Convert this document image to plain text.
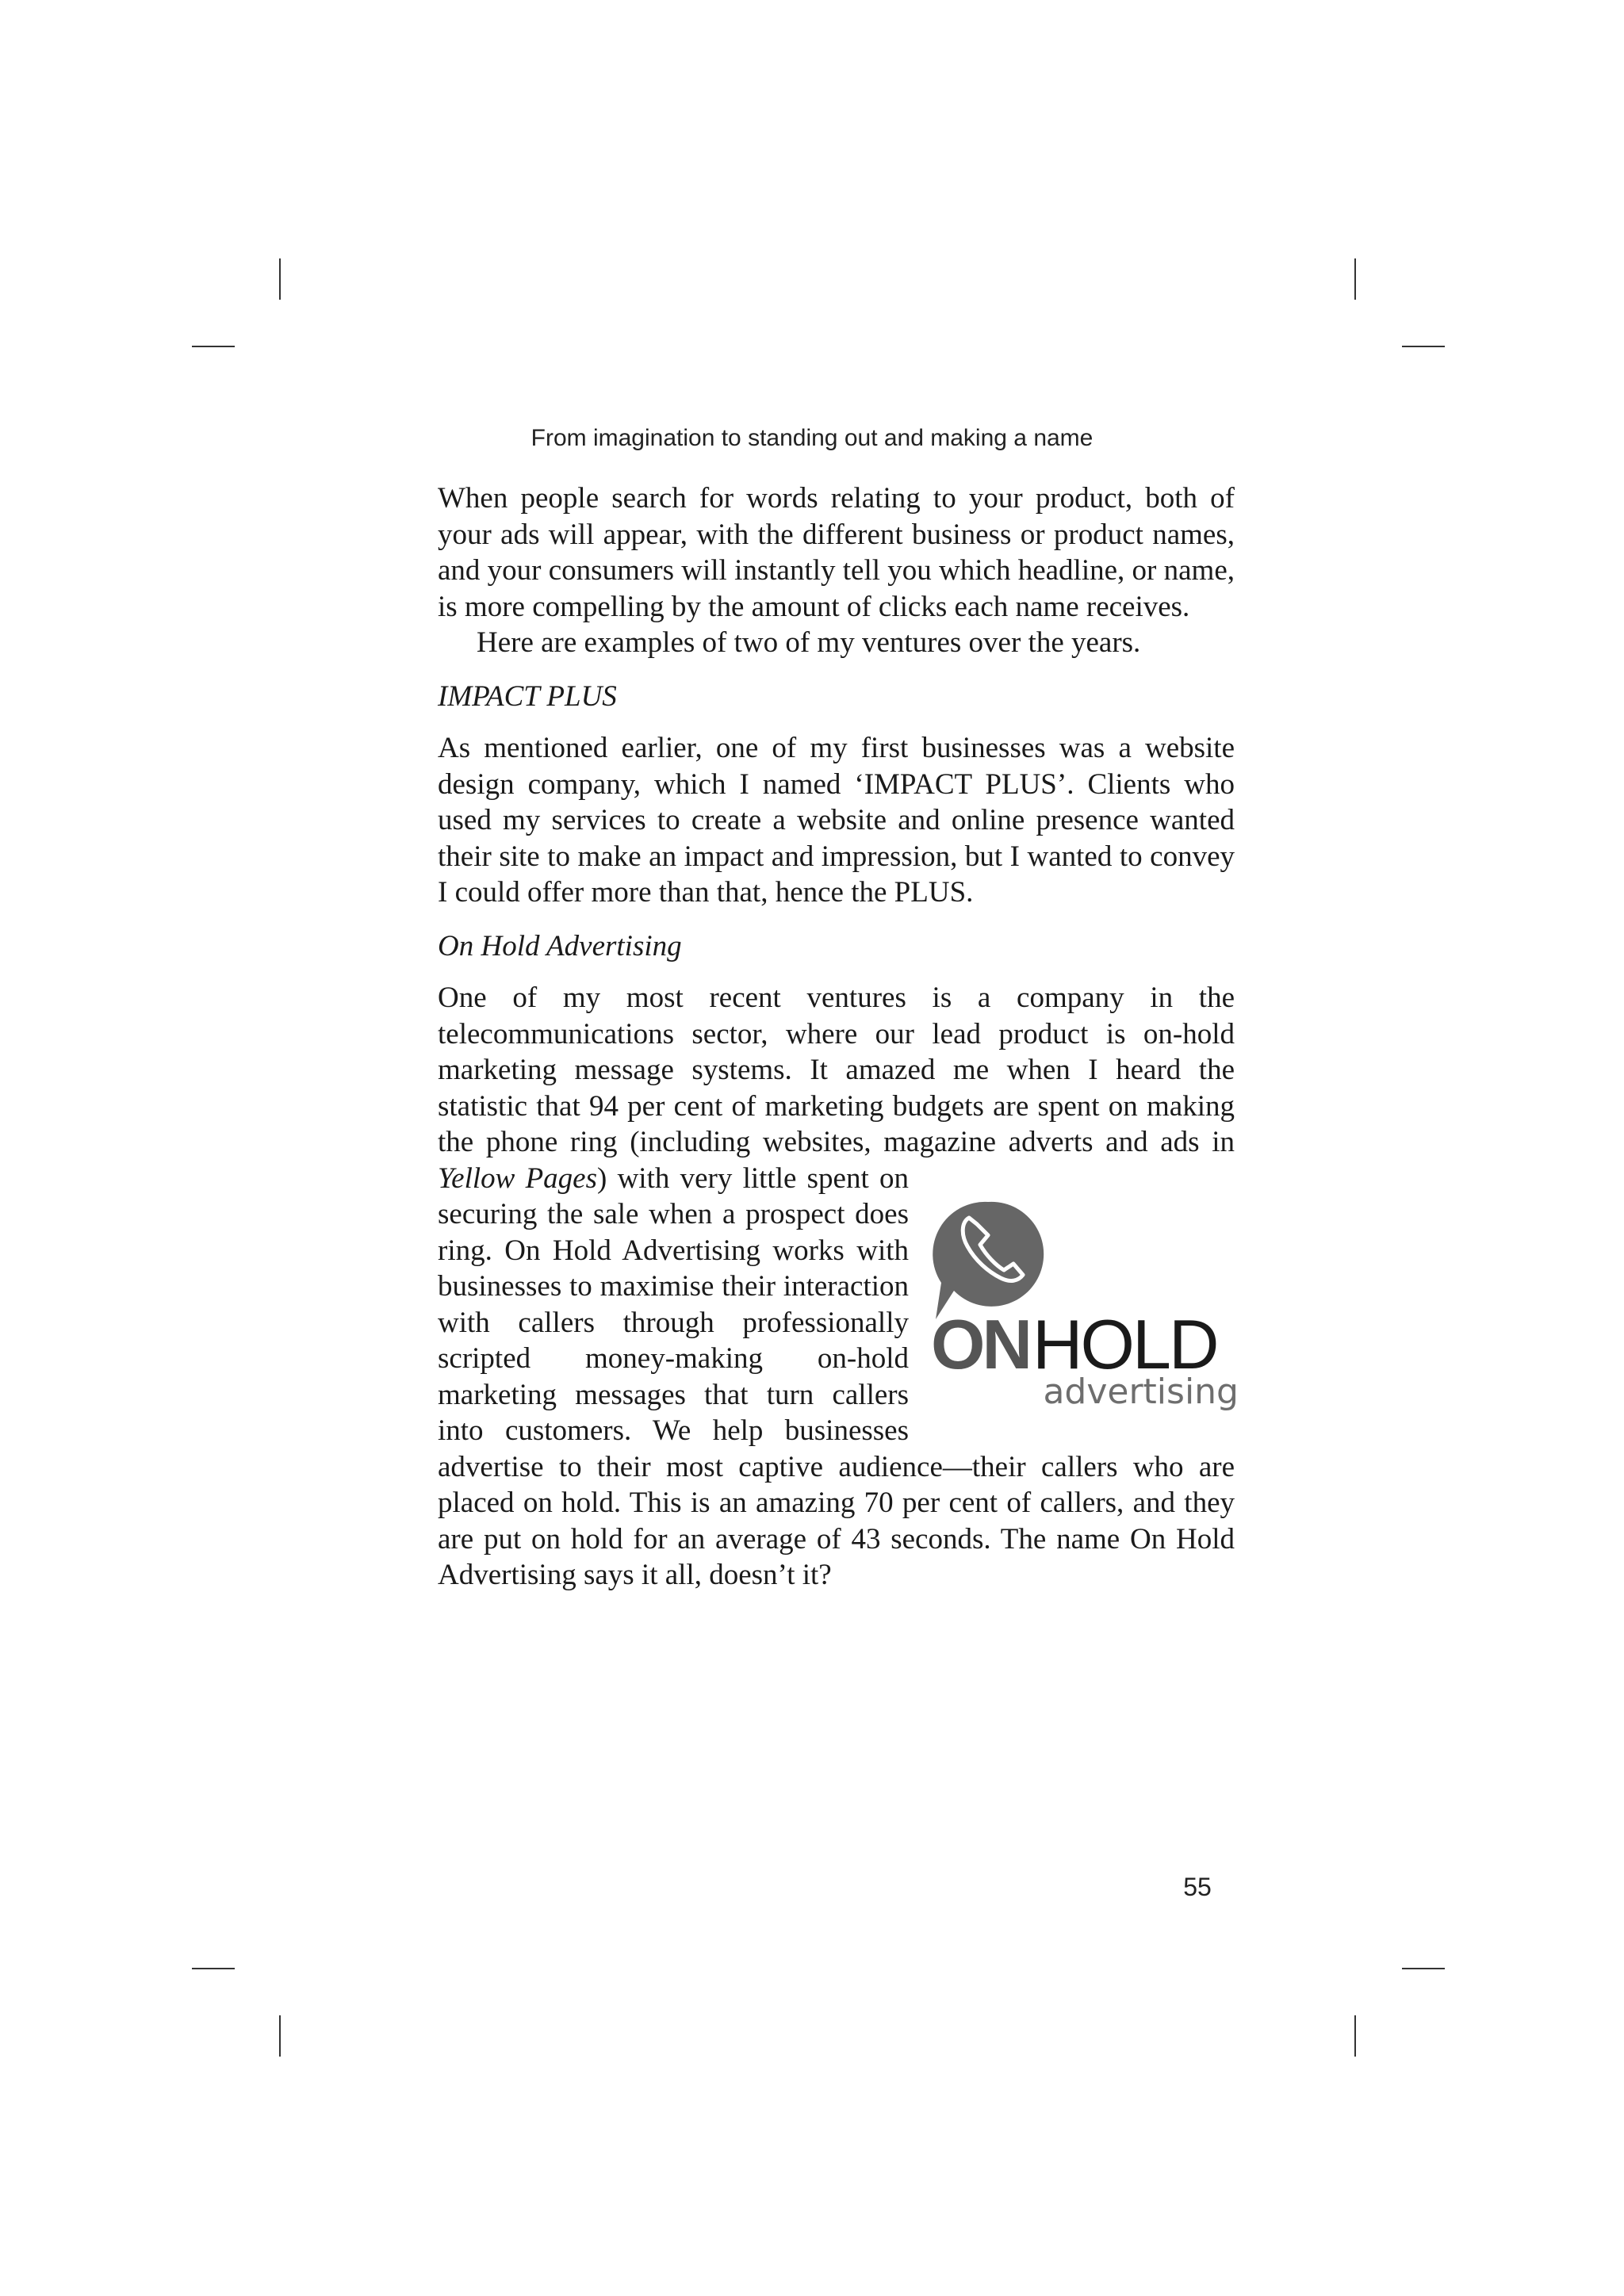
From imagination to standing out and making a name

When people search for words relating to your product, both of your ads will appear, with the different business or product names, and your consumers will instantly tell you which headline, or name, is more compelling by the amount of clicks each name receives.

Here are examples of two of my ventures over the years.

IMPACT PLUS

As mentioned earlier, one of my first businesses was a website design company, which I named ‘IMPACT PLUS’. Clients who used my services to create a website and online presence wanted their site to make an impact and impression, but I wanted to convey I could offer more than that, hence the PLUS.

On Hold Advertising

One of my most recent ventures is a company in the telecommunications sector, where our lead product is on-hold marketing message systems. It amazed me when I heard the statistic that 94 per cent of marketing budgets are spent on making the phone ring (including websites, magazine adverts and ads in
ON HOLD
advertising
Yellow Pages) with very little spent on securing the sale when a prospect does ring. On Hold Advertising works with businesses to maximise their interaction with callers through professionally scripted money-making on-hold marketing messages that turn callers into customers. We help businesses advertise to their most captive audience—their callers who are placed on hold. This is an amazing 70 per cent of callers, and they are put on hold for an average of 43 seconds. The name On Hold Advertising says it all, doesn’t it?

55
